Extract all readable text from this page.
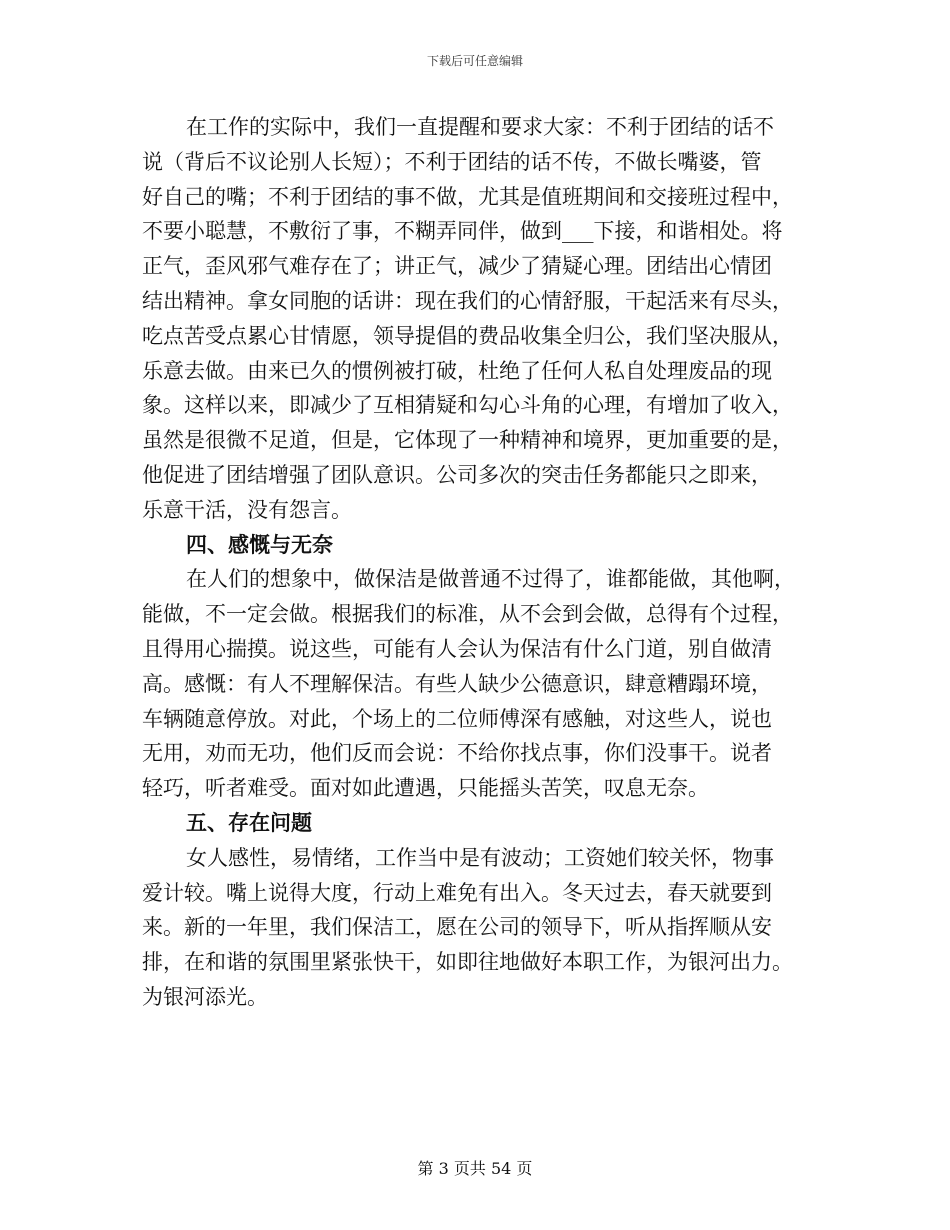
下载后可任意编辑
在工作的实际中，我们一直提醒和要求大家：不利于团结的话不
说（背后不议论别人长短）；不利于团结的话不传，不做长嘴婆，管
好自己的嘴；不利于团结的事不做，尤其是值班期间和交接班过程中，
不要小聪慧，不敷衍了事，不糊弄同伴，做到___下接，和谐相处。将
正气，歪风邪气难存在了；讲正气，减少了猜疑心理。团结出心情团
结出精神。拿女同胞的话讲：现在我们的心情舒服，干起活来有尽头，
吃点苦受点累心甘情愿，领导提倡的费品收集全归公，我们坚决服从，
乐意去做。由来已久的惯例被打破，杜绝了任何人私自处理废品的现
象。这样以来，即减少了互相猜疑和勾心斗角的心理，有增加了收入，
虽然是很微不足道，但是，它体现了一种精神和境界，更加重要的是，
他促进了团结增强了团队意识。公司多次的突击任务都能只之即来，
乐意干活，没有怨言。
四、感慨与无奈
在人们的想象中，做保洁是做普通不过得了，谁都能做，其他啊，
能做，不一定会做。根据我们的标准，从不会到会做，总得有个过程，
且得用心揣摸。说这些，可能有人会认为保洁有什么门道，别自做清
高。感慨：有人不理解保洁。有些人缺少公德意识，肆意糟蹋环境，
车辆随意停放。对此，个场上的二位师傅深有感触，对这些人，说也
无用，劝而无功，他们反而会说：不给你找点事，你们没事干。说者
轻巧，听者难受。面对如此遭遇，只能摇头苦笑，叹息无奈。
五、存在问题
女人感性，易情绪，工作当中是有波动；工资她们较关怀，物事
爱计较。嘴上说得大度，行动上难免有出入。冬天过去，春天就要到
来。新的一年里，我们保洁工，愿在公司的领导下，听从指挥顺从安
排，在和谐的氛围里紧张快干，如即往地做好本职工作，为银河出力。
为银河添光。
第 3 页共 54 页
